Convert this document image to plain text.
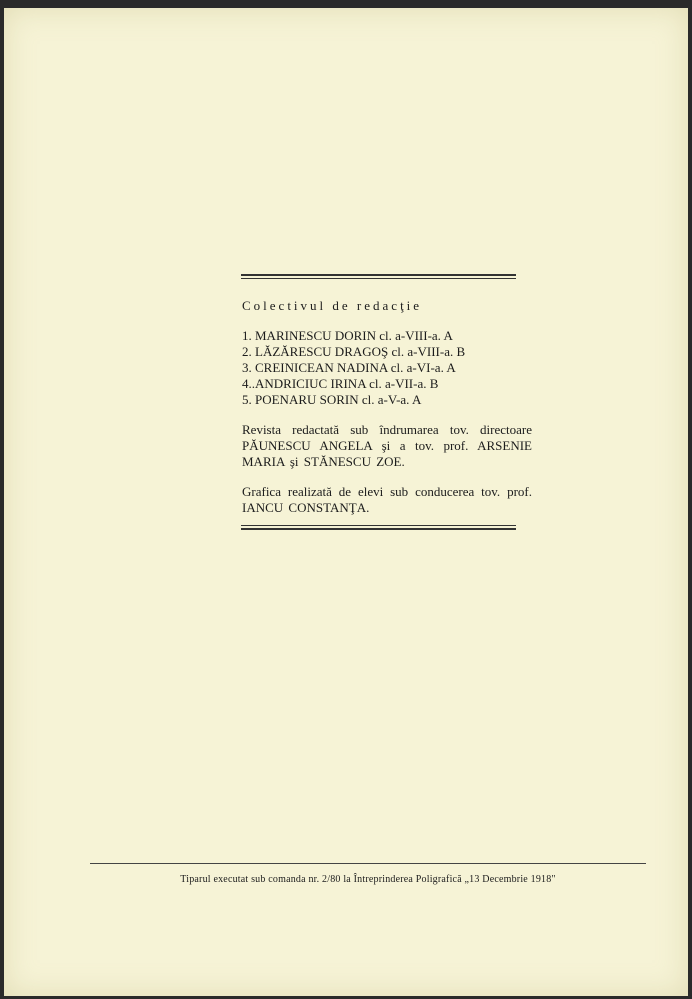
Colectivul de redacţie
1. MARINESCU DORIN cl. a-VIII-a. A
2. LĂZĂRESCU DRAGOŞ cl. a-VIII-a. B
3. CREINICEAN NADINA cl. a-VI-a. A
4..ANDRICIUC IRINA cl. a-VII-a. B
5. POENARU SORIN cl. a-V-a. A
Revista redactată sub îndrumarea tov. directoare PĂUNESCU ANGELA şi a tov. prof. ARSENIE MARIA şi STĂNESCU ZOE.
Grafica realizată de elevi sub conducerea tov. prof. IANCU CONSTANŢA.
Tiparul executat sub comanda nr. 2/80 la Întreprinderea Poligrafică „13 Decembrie 1918"
